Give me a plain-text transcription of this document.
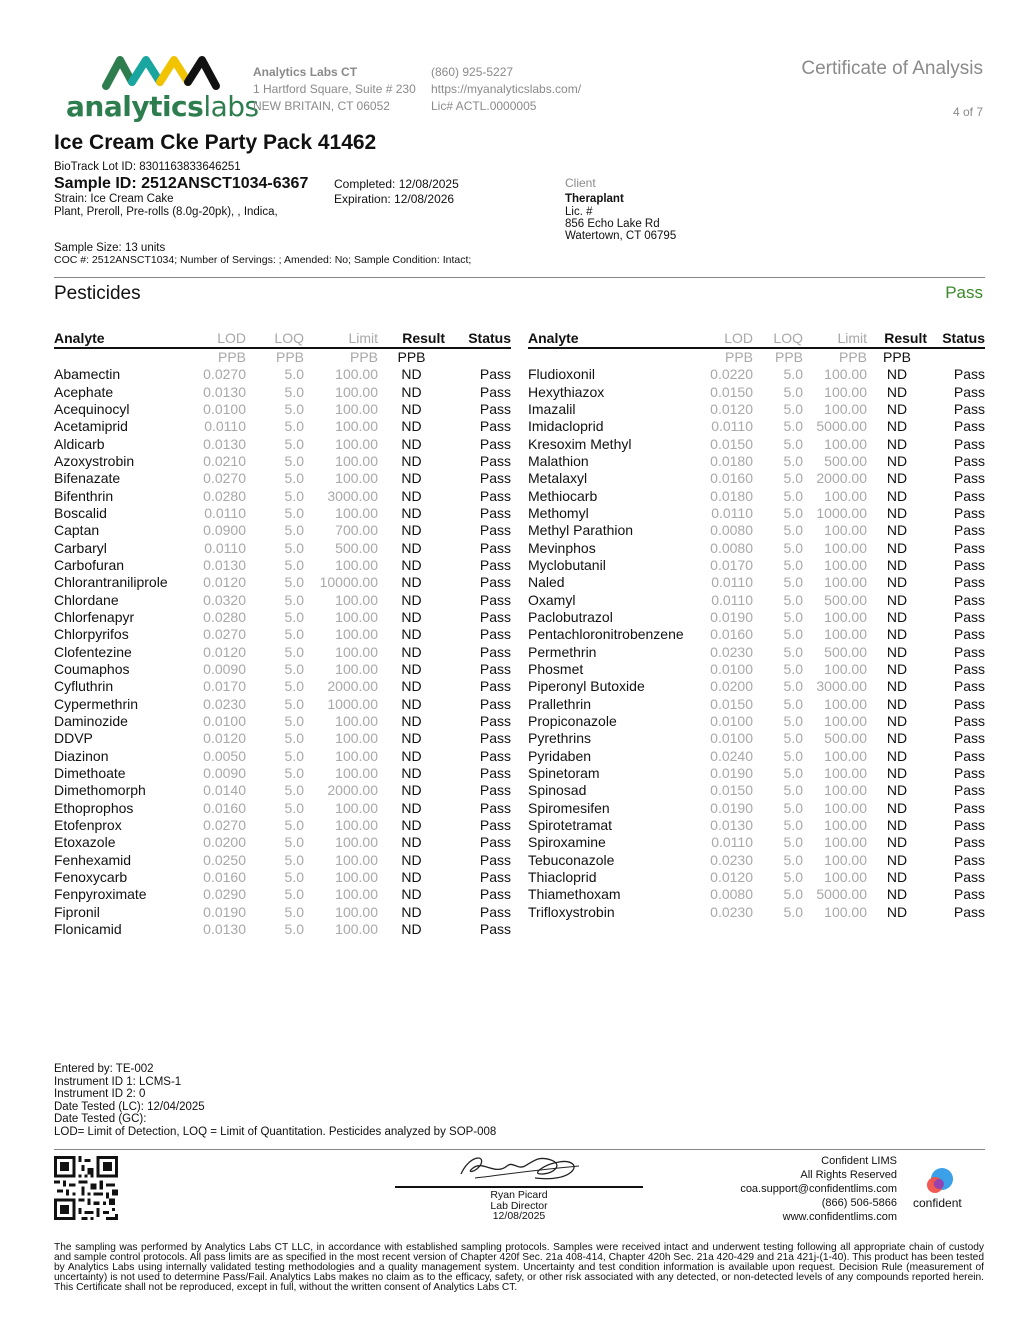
analyticslabs
Analytics Labs CT
1 Hartford Square, Suite # 230
NEW BRITAIN, CT 06052
(860) 925-5227
https://myanalyticslabs.com/
Lic# ACTL.0000005
Certificate of Analysis
4 of 7
Ice Cream Cke Party Pack 41462
BioTrack Lot ID: 8301163833646251
Sample ID: 2512ANSCT1034-6367
Strain: Ice Cream Cake
Plant, Preroll, Pre-rolls (8.0g-20pk), , Indica,
Completed: 12/08/2025
Expiration: 12/08/2026
Client
Theraplant
Lic. #
856 Echo Lake Rd
Watertown, CT 06795
Sample Size: 13 units
COC #: 2512ANSCT1034; Number of Servings: ; Amended: No; Sample Condition: Intact;
Pesticides	Pass
Analyte	LOD	LOQ	Limit	Result	Status
	PPB	PPB	PPB	PPB	
Abamectin	0.0270	5.0	100.00	ND	Pass
Acephate	0.0130	5.0	100.00	ND	Pass
Acequinocyl	0.0100	5.0	100.00	ND	Pass
Acetamiprid	0.0110	5.0	100.00	ND	Pass
Aldicarb	0.0130	5.0	100.00	ND	Pass
Azoxystrobin	0.0210	5.0	100.00	ND	Pass
Bifenazate	0.0270	5.0	100.00	ND	Pass
Bifenthrin	0.0280	5.0	3000.00	ND	Pass
Boscalid	0.0110	5.0	100.00	ND	Pass
Captan	0.0900	5.0	700.00	ND	Pass
Carbaryl	0.0110	5.0	500.00	ND	Pass
Carbofuran	0.0130	5.0	100.00	ND	Pass
Chlorantraniliprole	0.0120	5.0	10000.00	ND	Pass
Chlordane	0.0320	5.0	100.00	ND	Pass
Chlorfenapyr	0.0280	5.0	100.00	ND	Pass
Chlorpyrifos	0.0270	5.0	100.00	ND	Pass
Clofentezine	0.0120	5.0	100.00	ND	Pass
Coumaphos	0.0090	5.0	100.00	ND	Pass
Cyfluthrin	0.0170	5.0	2000.00	ND	Pass
Cypermethrin	0.0230	5.0	1000.00	ND	Pass
Daminozide	0.0100	5.0	100.00	ND	Pass
DDVP	0.0120	5.0	100.00	ND	Pass
Diazinon	0.0050	5.0	100.00	ND	Pass
Dimethoate	0.0090	5.0	100.00	ND	Pass
Dimethomorph	0.0140	5.0	2000.00	ND	Pass
Ethoprophos	0.0160	5.0	100.00	ND	Pass
Etofenprox	0.0270	5.0	100.00	ND	Pass
Etoxazole	0.0200	5.0	100.00	ND	Pass
Fenhexamid	0.0250	5.0	100.00	ND	Pass
Fenoxycarb	0.0160	5.0	100.00	ND	Pass
Fenpyroximate	0.0290	5.0	100.00	ND	Pass
Fipronil	0.0190	5.0	100.00	ND	Pass
Flonicamid	0.0130	5.0	100.00	ND	Pass
Analyte	LOD	LOQ	Limit	Result	Status
	PPB	PPB	PPB	PPB	
Fludioxonil	0.0220	5.0	100.00	ND	Pass
Hexythiazox	0.0150	5.0	100.00	ND	Pass
Imazalil	0.0120	5.0	100.00	ND	Pass
Imidacloprid	0.0110	5.0	5000.00	ND	Pass
Kresoxim Methyl	0.0150	5.0	100.00	ND	Pass
Malathion	0.0180	5.0	500.00	ND	Pass
Metalaxyl	0.0160	5.0	2000.00	ND	Pass
Methiocarb	0.0180	5.0	100.00	ND	Pass
Methomyl	0.0110	5.0	1000.00	ND	Pass
Methyl Parathion	0.0080	5.0	100.00	ND	Pass
Mevinphos	0.0080	5.0	100.00	ND	Pass
Myclobutanil	0.0170	5.0	100.00	ND	Pass
Naled	0.0110	5.0	100.00	ND	Pass
Oxamyl	0.0110	5.0	500.00	ND	Pass
Paclobutrazol	0.0190	5.0	100.00	ND	Pass
Pentachloronitrobenzene	0.0160	5.0	100.00	ND	Pass
Permethrin	0.0230	5.0	500.00	ND	Pass
Phosmet	0.0100	5.0	100.00	ND	Pass
Piperonyl Butoxide	0.0200	5.0	3000.00	ND	Pass
Prallethrin	0.0150	5.0	100.00	ND	Pass
Propiconazole	0.0100	5.0	100.00	ND	Pass
Pyrethrins	0.0100	5.0	500.00	ND	Pass
Pyridaben	0.0240	5.0	100.00	ND	Pass
Spinetoram	0.0190	5.0	100.00	ND	Pass
Spinosad	0.0150	5.0	100.00	ND	Pass
Spiromesifen	0.0190	5.0	100.00	ND	Pass
Spirotetramat	0.0130	5.0	100.00	ND	Pass
Spiroxamine	0.0110	5.0	100.00	ND	Pass
Tebuconazole	0.0230	5.0	100.00	ND	Pass
Thiacloprid	0.0120	5.0	100.00	ND	Pass
Thiamethoxam	0.0080	5.0	5000.00	ND	Pass
Trifloxystrobin	0.0230	5.0	100.00	ND	Pass
Entered by: TE-002
Instrument ID 1: LCMS-1
Instrument ID 2: 0
Date Tested (LC): 12/04/2025
Date Tested (GC):
LOD= Limit of Detection, LOQ = Limit of Quantitation. Pesticides analyzed by SOP-008
Ryan Picard
Lab Director
12/08/2025
Confident LIMS
All Rights Reserved
coa.support@confidentlims.com
(866) 506-5866
www.confidentlims.com
confident
The sampling was performed by Analytics Labs CT LLC, in accordance with established sampling protocols. Samples were received intact and underwent testing following all appropriate chain of custody and sample control protocols. All pass limits are as specified in the most recent version of Chapter 420f Sec. 21a 408-414, Chapter 420h Sec. 21a 420-429 and 21a 421j-(1-40). This product has been tested by Analytics Labs using internally validated testing methodologies and a quality management system. Uncertainty and test condition information is available upon request. Decision Rule (measurement of uncertainty) is not used to determine Pass/Fail. Analytics Labs makes no claim as to the efficacy, safety, or other risk associated with any detected, or non-detected levels of any compounds reported herein. This Certificate shall not be reproduced, except in full, without the written consent of Analytics Labs CT.
